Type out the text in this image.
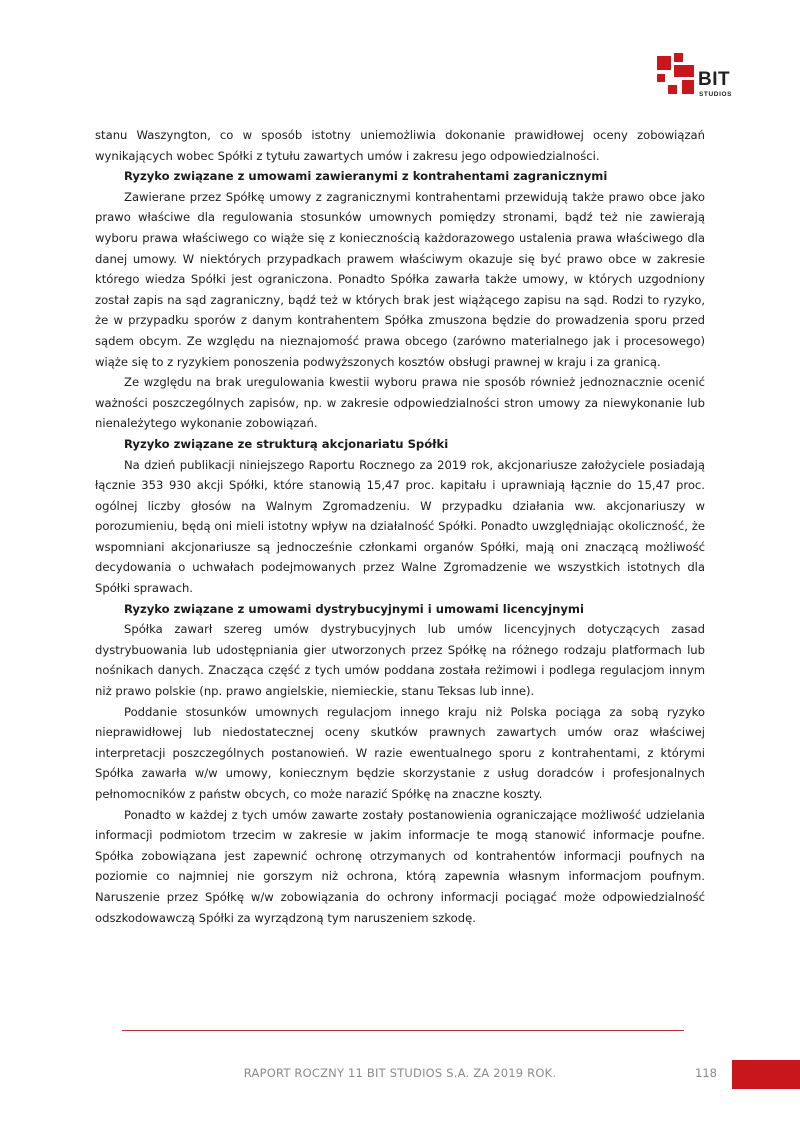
BIT
STUDIOS

stanu Waszyngton, co w sposób istotny uniemożliwia dokonanie prawidłowej oceny zobowiązań wynikających wobec Spółki z tytułu zawartych umów i zakresu jego odpowiedzialności.

Ryzyko związane z umowami zawieranymi z kontrahentami zagranicznymi

Zawierane przez Spółkę umowy z zagranicznymi kontrahentami przewidują także prawo obce jako prawo właściwe dla regulowania stosunków umownych pomiędzy stronami, bądź też nie zawierają wyboru prawa właściwego co wiąże się z koniecznością każdorazowego ustalenia prawa właściwego dla danej umowy. W niektórych przypadkach prawem właściwym okazuje się być prawo obce w zakresie którego wiedza Spółki jest ograniczona. Ponadto Spółka zawarła także umowy, w których uzgodniony został zapis na sąd zagraniczny, bądź też w których brak jest wiążącego zapisu na sąd. Rodzi to ryzyko, że w przypadku sporów z danym kontrahentem Spółka zmuszona będzie do prowadzenia sporu przed sądem obcym. Ze względu na nieznajomość prawa obcego (zarówno materialnego jak i procesowego) wiąże się to z ryzykiem ponoszenia podwyższonych kosztów obsługi prawnej w kraju i za granicą.

Ze względu na brak uregulowania kwestii wyboru prawa nie sposób również jednoznacznie ocenić ważności poszczególnych zapisów, np. w zakresie odpowiedzialności stron umowy za niewykonanie lub nienależytego wykonanie zobowiązań.

Ryzyko związane ze strukturą akcjonariatu Spółki

Na dzień publikacji niniejszego Raportu Rocznego za 2019 rok, akcjonariusze założyciele posiadają łącznie 353 930 akcji Spółki, które stanowią 15,47 proc. kapitału i uprawniają łącznie do 15,47 proc. ogólnej liczby głosów na Walnym Zgromadzeniu. W przypadku działania ww. akcjonariuszy w porozumieniu, będą oni mieli istotny wpływ na działalność Spółki. Ponadto uwzględniając okoliczność, że wspomniani akcjonariusze są jednocześnie członkami organów Spółki, mają oni znaczącą możliwość decydowania o uchwałach podejmowanych przez Walne Zgromadzenie we wszystkich istotnych dla Spółki sprawach.

Ryzyko związane z umowami dystrybucyjnymi i umowami licencyjnymi

Spółka zawarł szereg umów dystrybucyjnych lub umów licencyjnych dotyczących zasad dystrybuowania lub udostępniania gier utworzonych przez Spółkę na różnego rodzaju platformach lub nośnikach danych. Znacząca część z tych umów poddana została reżimowi i podlega regulacjom innym niż prawo polskie (np. prawo angielskie, niemieckie, stanu Teksas lub inne).

Poddanie stosunków umownych regulacjom innego kraju niż Polska pociąga za sobą ryzyko nieprawidłowej lub niedostatecznej oceny skutków prawnych zawartych umów oraz właściwej interpretacji poszczególnych postanowień. W razie ewentualnego sporu z kontrahentami, z którymi Spółka zawarła w/w umowy, koniecznym będzie skorzystanie z usług doradców i profesjonalnych pełnomocników z państw obcych, co może narazić Spółkę na znaczne koszty.

Ponadto w każdej z tych umów zawarte zostały postanowienia ograniczające możliwość udzielania informacji podmiotom trzecim w zakresie w jakim informacje te mogą stanowić informacje poufne. Spółka zobowiązana jest zapewnić ochronę otrzymanych od kontrahentów informacji poufnych na poziomie co najmniej nie gorszym niż ochrona, którą zapewnia własnym informacjom poufnym. Naruszenie przez Spółkę w/w zobowiązania do ochrony informacji pociągać może odpowiedzialność odszkodowawczą Spółki za wyrządzoną tym naruszeniem szkodę.

RAPORT ROCZNY 11 BIT STUDIOS S.A. ZA 2019 ROK.	118
